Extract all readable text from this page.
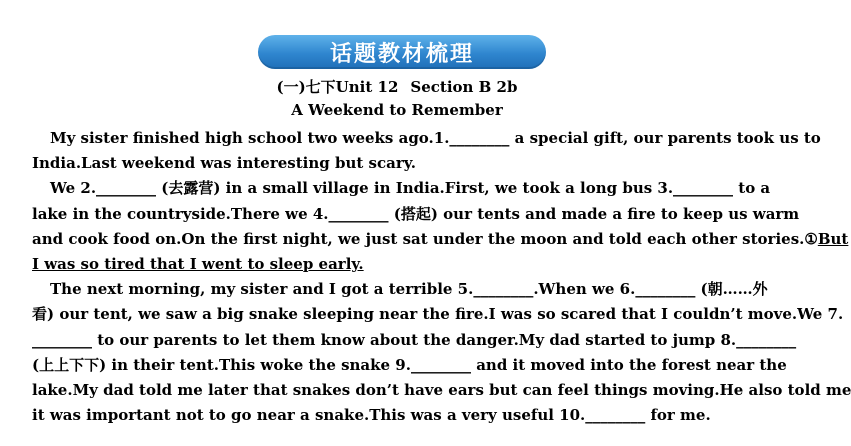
话题教材梳理
(一)七下Unit 12 Section B 2b
A Weekend to Remember
My sister finished high school two weeks ago.1.________ a special gift, our parents took us to
India.Last weekend was interesting but scary.
We 2.________ (去露营) in a small village in India.First, we took a long bus 3.________ to a
lake in the countryside.There we 4.________ (搭起) our tents and made a fire to keep us warm
and cook food on.On the first night, we just sat under the moon and told each other stories.①But
I was so tired that I went to sleep early.
The next morning, my sister and I got a terrible 5.________.When we 6.________ (朝……外
看) our tent, we saw a big snake sleeping near the fire.I was so scared that I couldn’t move.We 7.
________ to our parents to let them know about the danger.My dad started to jump 8.________
(上上下下) in their tent.This woke the snake 9.________ and it moved into the forest near the
lake.My dad told me later that snakes don’t have ears but can feel things moving.He also told me
it was important not to go near a snake.This was a very useful 10.________ for me.
